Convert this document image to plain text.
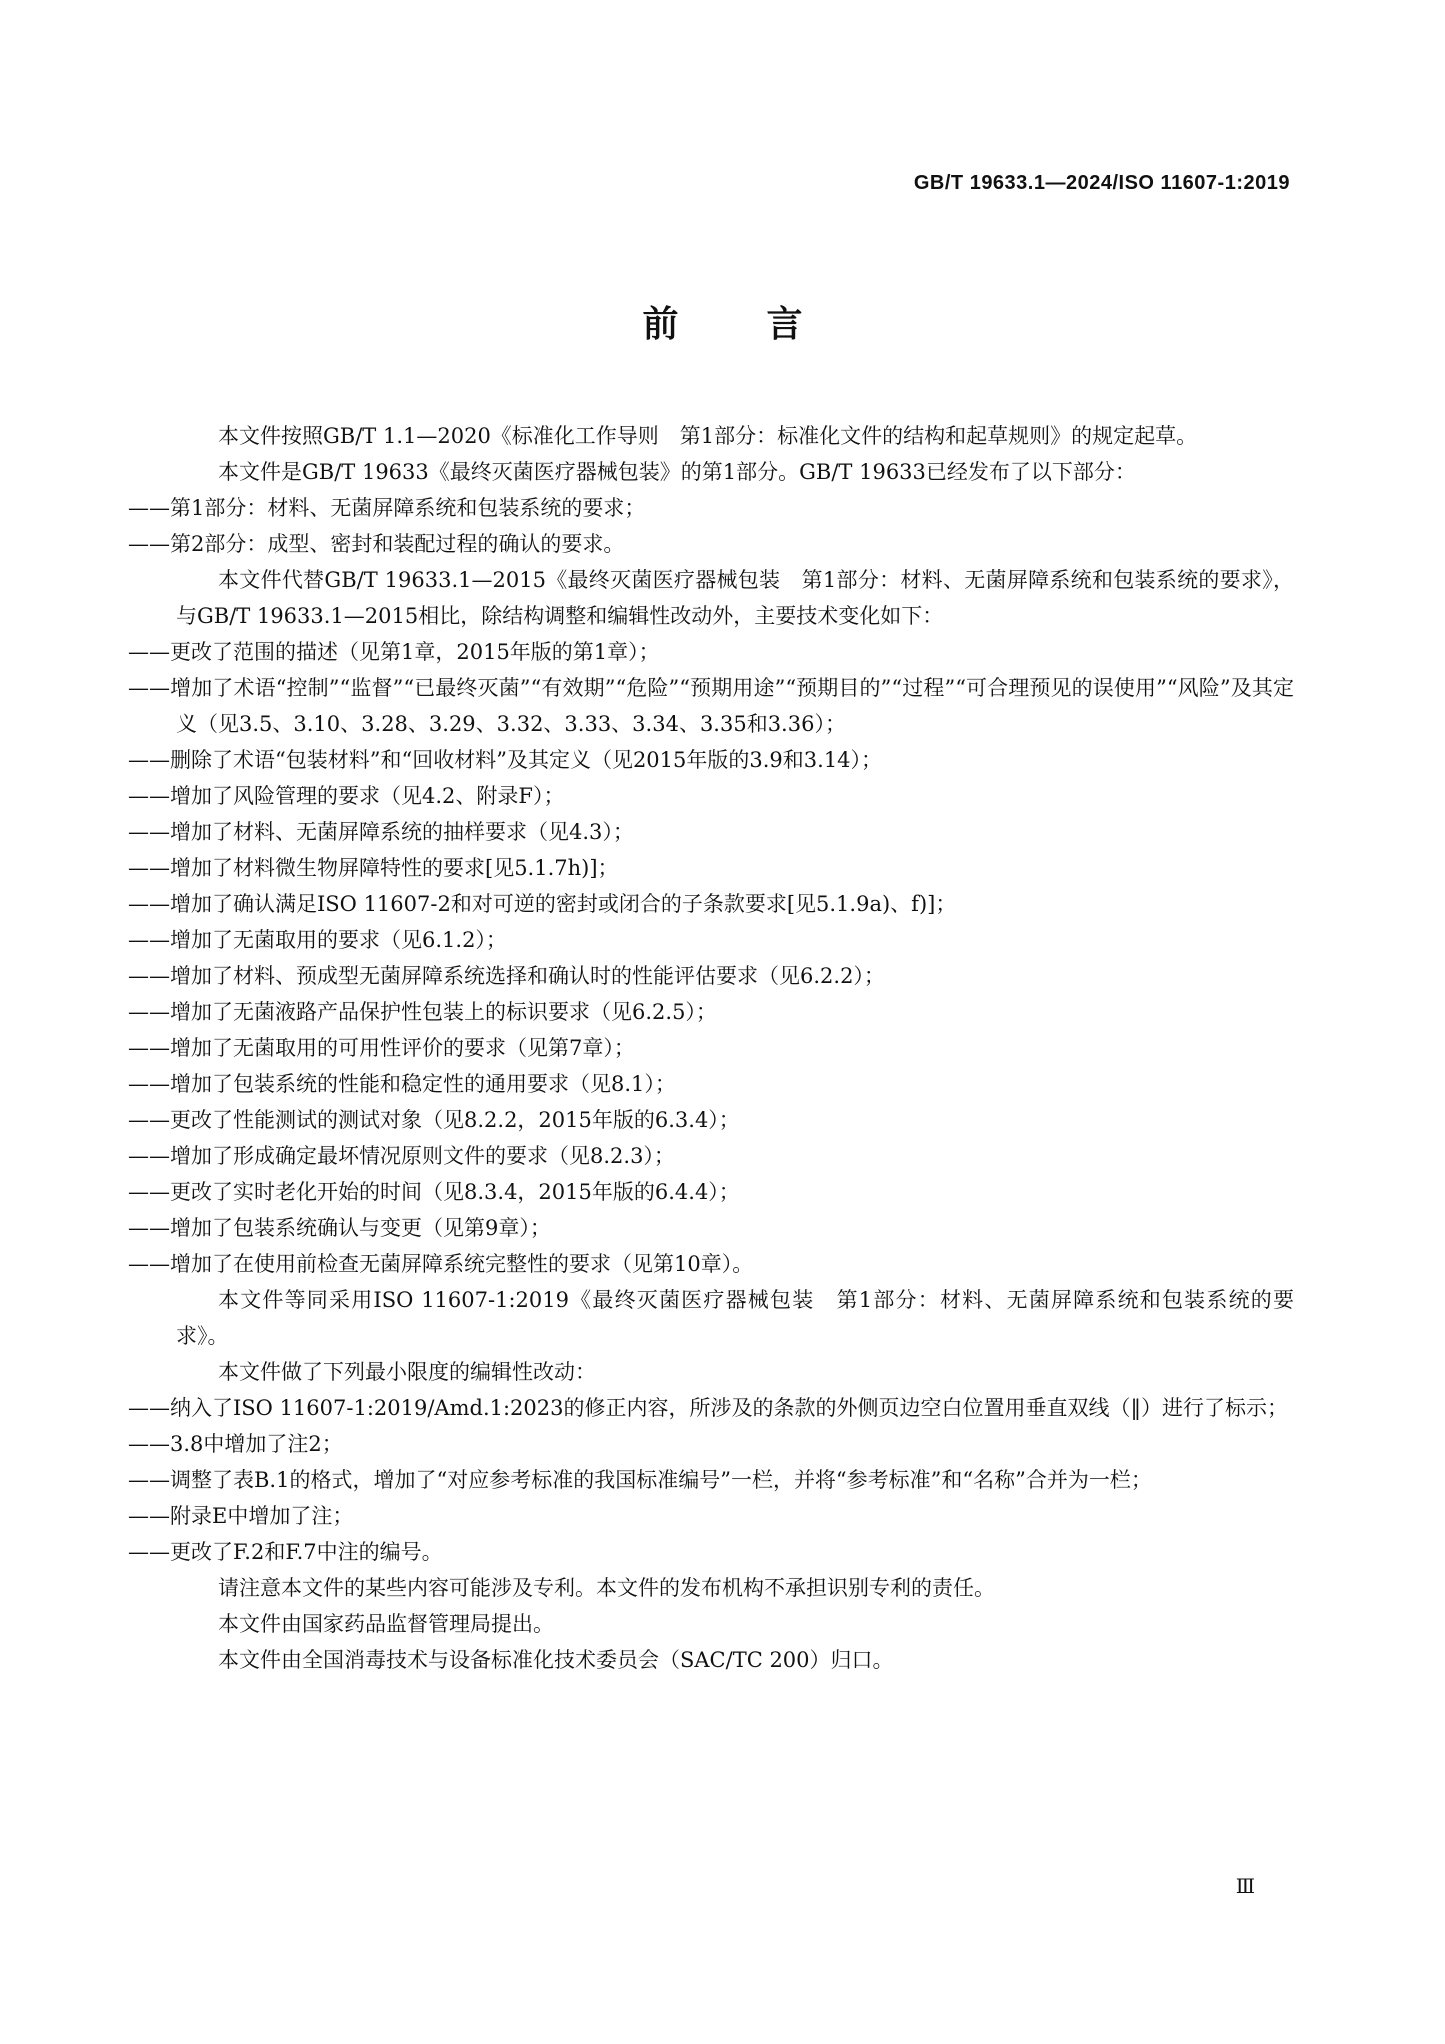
GB/T 19633.1—2024/ISO 11607-1:2019
前言

本文件按照GB/T 1.1—2020《标准化工作导则　第1部分：标准化文件的结构和起草规则》的规定起草。

本文件是GB/T 19633《最终灭菌医疗器械包装》的第1部分。GB/T 19633已经发布了以下部分：

——第1部分：材料、无菌屏障系统和包装系统的要求；

——第2部分：成型、密封和装配过程的确认的要求。

本文件代替GB/T 19633.1—2015《最终灭菌医疗器械包装　第1部分：材料、无菌屏障系统和包装系统的要求》，与GB/T 19633.1—2015相比，除结构调整和编辑性改动外，主要技术变化如下：

——更改了范围的描述（见第1章，2015年版的第1章）；

——增加了术语“控制”“监督”“已最终灭菌”“有效期”“危险”“预期用途”“预期目的”“过程”“可合理预见的误使用”“风险”及其定义（见3.5、3.10、3.28、3.29、3.32、3.33、3.34、3.35和3.36）；

——删除了术语“包装材料”和“回收材料”及其定义（见2015年版的3.9和3.14）；

——增加了风险管理的要求（见4.2、附录F）；

——增加了材料、无菌屏障系统的抽样要求（见4.3）；

——增加了材料微生物屏障特性的要求[见5.1.7h)]；

——增加了确认满足ISO 11607-2和对可逆的密封或闭合的子条款要求[见5.1.9a)、f)]；

——增加了无菌取用的要求（见6.1.2）；

——增加了材料、预成型无菌屏障系统选择和确认时的性能评估要求（见6.2.2）；

——增加了无菌液路产品保护性包装上的标识要求（见6.2.5）；

——增加了无菌取用的可用性评价的要求（见第7章）；

——增加了包装系统的性能和稳定性的通用要求（见8.1）；

——更改了性能测试的测试对象（见8.2.2，2015年版的6.3.4）；

——增加了形成确定最坏情况原则文件的要求（见8.2.3）；

——更改了实时老化开始的时间（见8.3.4，2015年版的6.4.4）；

——增加了包装系统确认与变更（见第9章）；

——增加了在使用前检查无菌屏障系统完整性的要求（见第10章）。

本文件等同采用ISO 11607-1:2019《最终灭菌医疗器械包装　第1部分：材料、无菌屏障系统和包装系统的要求》。

本文件做了下列最小限度的编辑性改动：

——纳入了ISO 11607-1:2019/Amd.1:2023的修正内容，所涉及的条款的外侧页边空白位置用垂直双线（‖）进行了标示；

——3.8中增加了注2；

——调整了表B.1的格式，增加了“对应参考标准的我国标准编号”一栏，并将“参考标准”和“名称”合并为一栏；

——附录E中增加了注；

——更改了F.2和F.7中注的编号。

请注意本文件的某些内容可能涉及专利。本文件的发布机构不承担识别专利的责任。

本文件由国家药品监督管理局提出。

本文件由全国消毒技术与设备标准化技术委员会（SAC/TC 200）归口。

Ⅲ
